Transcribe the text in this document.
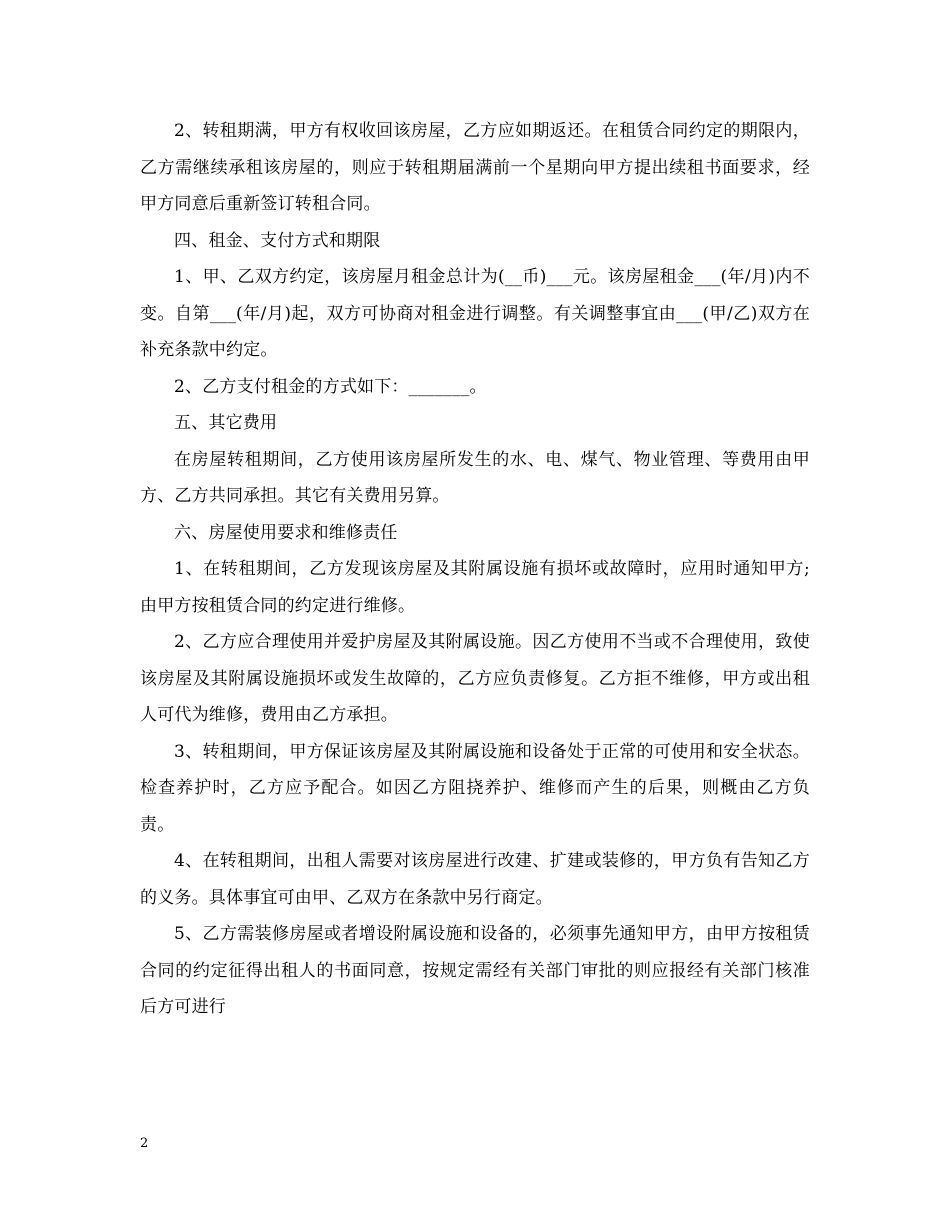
2、转租期满，甲方有权收回该房屋，乙方应如期返还。在租赁合同约定的期限内，乙方需继续承租该房屋的，则应于转租期届满前一个星期向甲方提出续租书面要求，经甲方同意后重新签订转租合同。

四、租金、支付方式和期限

1、甲、乙双方约定，该房屋月租金总计为(__币)___元。该房屋租金___(年/月)内不变。自第___(年/月)起，双方可协商对租金进行调整。有关调整事宜由___(甲/乙)双方在补充条款中约定。

2、乙方支付租金的方式如下：_______。

五、其它费用

在房屋转租期间，乙方使用该房屋所发生的水、电、煤气、物业管理、等费用由甲方、乙方共同承担。其它有关费用另算。

六、房屋使用要求和维修责任

1、在转租期间，乙方发现该房屋及其附属设施有损坏或故障时，应用时通知甲方;由甲方按租赁合同的约定进行维修。

2、乙方应合理使用并爱护房屋及其附属设施。因乙方使用不当或不合理使用，致使该房屋及其附属设施损坏或发生故障的，乙方应负责修复。乙方拒不维修，甲方或出租人可代为维修，费用由乙方承担。

3、转租期间，甲方保证该房屋及其附属设施和设备处于正常的可使用和安全状态。检查养护时，乙方应予配合。如因乙方阻挠养护、维修而产生的后果，则概由乙方负责。

4、在转租期间，出租人需要对该房屋进行改建、扩建或装修的，甲方负有告知乙方的义务。具体事宜可由甲、乙双方在条款中另行商定。

5、乙方需装修房屋或者增设附属设施和设备的，必须事先通知甲方，由甲方按租赁合同的约定征得出租人的书面同意，按规定需经有关部门审批的则应报经有关部门核准后方可进行

2
